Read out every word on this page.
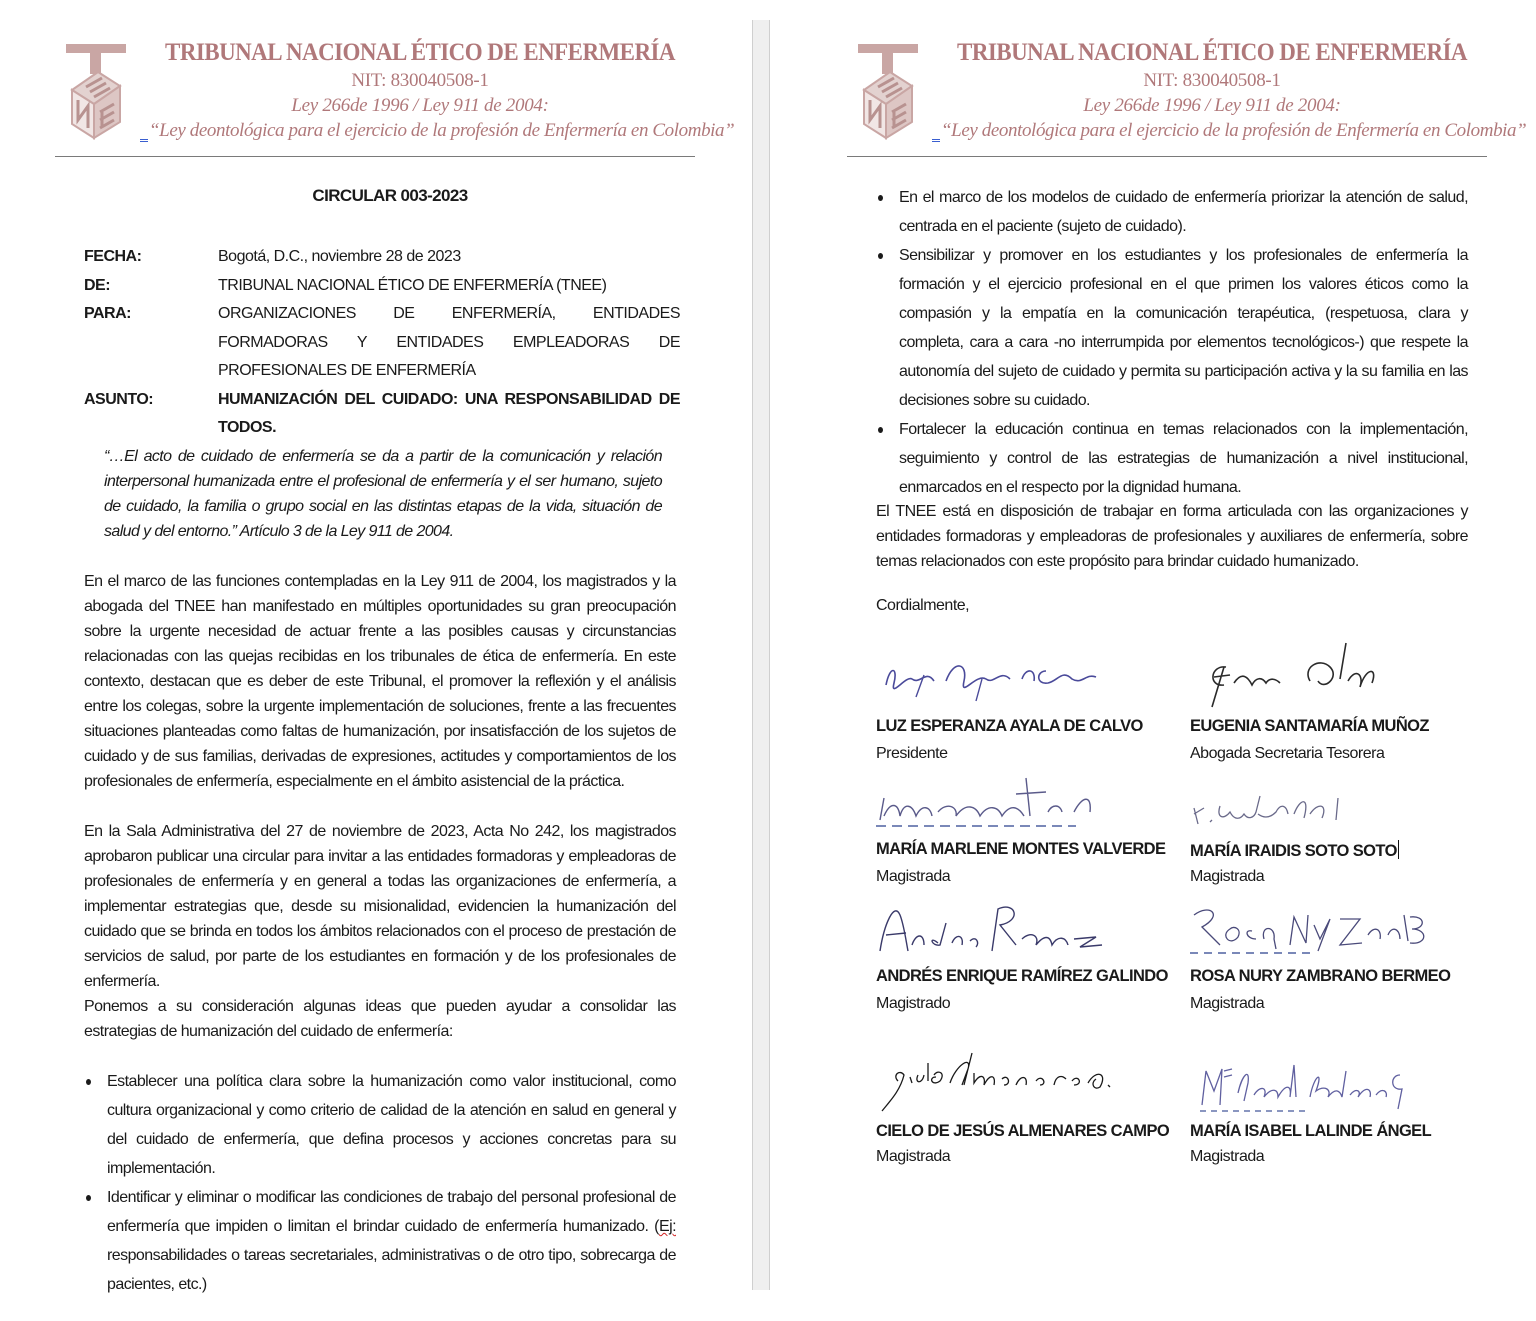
TRIBUNAL NACIONAL ÉTICO DE ENFERMERÍA
NIT: 830040508-1
Ley 266de 1996 / Ley 911 de 2004:
“Ley deontológica para el ejercicio de la profesión de Enfermería en Colombia”
CIRCULAR 003-2023
FECHA:	Bogotá, D.C., noviembre 28 de 2023
DE:	TRIBUNAL NACIONAL ÉTICO DE ENFERMERÍA (TNEE)
PARA:	ORGANIZACIONES DE ENFERMERÍA, ENTIDADES FORMADORAS Y ENTIDADES EMPLEADORAS DE PROFESIONALES DE ENFERMERÍA
ASUNTO:	HUMANIZACIÓN DEL CUIDADO: UNA RESPONSABILIDAD DE TODOS.
“…El acto de cuidado de enfermería se da a partir de la comunicación y relación interpersonal humanizada entre el profesional de enfermería y el ser humano, sujeto de cuidado, la familia o grupo social en las distintas etapas de la vida, situación de salud y del entorno.” Artículo 3 de la Ley 911 de 2004.
En el marco de las funciones contempladas en la Ley 911 de 2004, los magistrados y la abogada del TNEE han manifestado en múltiples oportunidades su gran preocupación sobre la urgente necesidad de actuar frente a las posibles causas y circunstancias relacionadas con las quejas recibidas en los tribunales de ética de enfermería. En este contexto, destacan que es deber de este Tribunal, el promover la reflexión y el análisis entre los colegas, sobre la urgente implementación de soluciones, frente a las frecuentes situaciones planteadas como faltas de humanización, por insatisfacción de los sujetos de cuidado y de sus familias, derivadas de expresiones, actitudes y comportamientos de los profesionales de enfermería, especialmente en el ámbito asistencial de la práctica.
En la Sala Administrativa del 27 de noviembre de 2023, Acta No 242, los magistrados aprobaron publicar una circular para invitar a las entidades formadoras y empleadoras de profesionales de enfermería y en general a todas las organizaciones de enfermería, a implementar estrategias que, desde su misionalidad, evidencien la humanización del cuidado que se brinda en todos los ámbitos relacionados con el proceso de prestación de servicios de salud, por parte de los estudiantes en formación y de los profesionales de enfermería.
Ponemos a su consideración algunas ideas que pueden ayudar a consolidar las estrategias de humanización del cuidado de enfermería:
Establecer una política clara sobre la humanización como valor institucional, como cultura organizacional y como criterio de calidad de la atención en salud en general y del cuidado de enfermería, que defina procesos y acciones concretas para su implementación.
Identificar y eliminar o modificar las condiciones de trabajo del personal profesional de enfermería que impiden o limitan el brindar cuidado de enfermería humanizado. (Ej: responsabilidades o tareas secretariales, administrativas o de otro tipo, sobrecarga de pacientes, etc.)
TRIBUNAL NACIONAL ÉTICO DE ENFERMERÍA
NIT: 830040508-1
Ley 266de 1996 / Ley 911 de 2004:
“Ley deontológica para el ejercicio de la profesión de Enfermería en Colombia”
En el marco de los modelos de cuidado de enfermería priorizar la atención de salud, centrada en el paciente (sujeto de cuidado).
Sensibilizar y promover en los estudiantes y los profesionales de enfermería la formación y el ejercicio profesional en el que primen los valores éticos como la compasión y la empatía en la comunicación terapéutica, (respetuosa, clara y completa, cara a cara -no interrumpida por elementos tecnológicos-) que respete la autonomía del sujeto de cuidado y permita su participación activa y la su familia en las decisiones sobre su cuidado.
Fortalecer la educación continua en temas relacionados con la implementación, seguimiento y control de las estrategias de humanización a nivel institucional, enmarcados en el respecto por la dignidad humana.
El TNEE está en disposición de trabajar en forma articulada con las organizaciones y entidades formadoras y empleadoras de profesionales y auxiliares de enfermería, sobre temas relacionados con este propósito para brindar cuidado humanizado.
Cordialmente,
LUZ ESPERANZA AYALA DE CALVO
Presidente
EUGENIA SANTAMARÍA MUÑOZ
Abogada Secretaria Tesorera
MARÍA MARLENE MONTES VALVERDE
Magistrada
MARÍA IRAIDIS SOTO SOTO
Magistrada
ANDRÉS ENRIQUE RAMÍREZ GALINDO
Magistrado
ROSA NURY ZAMBRANO BERMEO
Magistrada
CIELO DE JESÚS ALMENARES CAMPO
Magistrada
MARÍA ISABEL LALINDE ÁNGEL
Magistrada
